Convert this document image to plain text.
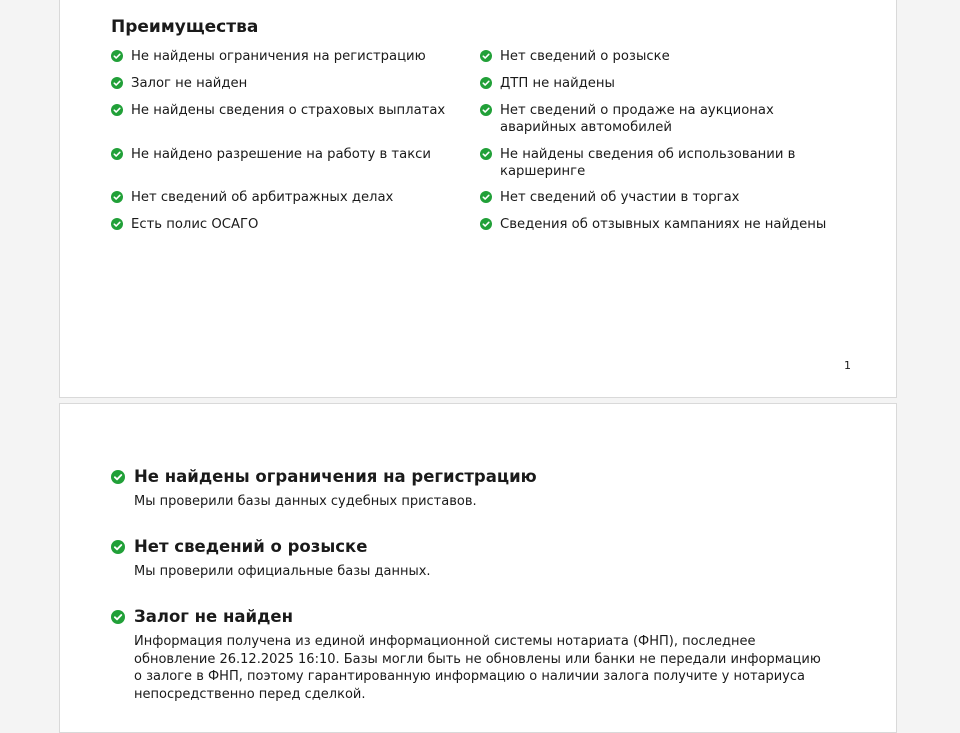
Преимущества
Не найдены ограничения на регистрацию
Залог не найден
Не найдены сведения о страховых выплатах
Не найдено разрешение на работу в такси
Нет сведений об арбитражных делах
Есть полис ОСАГО
Нет сведений о розыске
ДТП не найдены
Нет сведений о продаже на аукционах аварийных автомобилей
Не найдены сведения об использовании в каршеринге
Нет сведений об участии в торгах
Сведения об отзывных кампаниях не найдены
1
Не найдены ограничения на регистрацию

Мы проверили базы данных судебных приставов.

Нет сведений о розыске

Мы проверили официальные базы данных.

Залог не найден

Информация получена из единой информационной системы нотариата (ФНП), последнее обновление 26.12.2025 16:10. Базы могли быть не обновлены или банки не передали информацию о залоге в ФНП, поэтому гарантированную информацию о наличии залога получите у нотариуса непосредственно перед сделкой.
